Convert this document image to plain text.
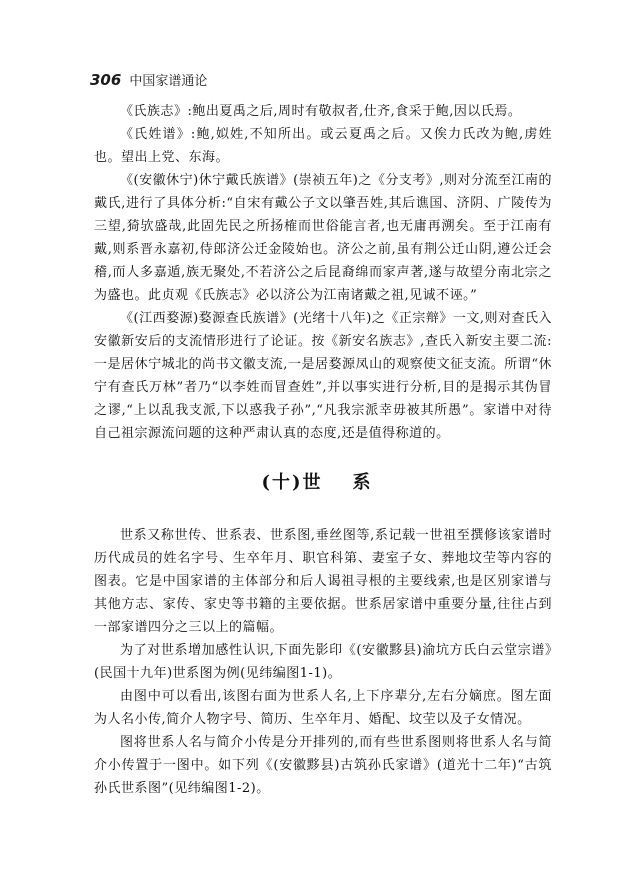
306 中国家谱通论

《氏族志》:鲍出夏禹之后,周时有敬叔者,仕齐,食采于鲍,因以氏焉。

《氏姓谱》:鲍,姒姓,不知所出。或云夏禹之后。又俟力氏改为鲍,虏姓也。望出上党、东海。

《(安徽休宁)休宁戴氏族谱》(崇祯五年)之《分支考》,则对分流至江南的戴氏,进行了具体分析:“自宋有戴公子文以肇吾姓,其后谯国、济阴、广陵传为三望,猗欤盛哉,此固先民之所扬榷而世俗能言者,也无庸再溯矣。至于江南有戴,则系晋永嘉初,侍郎济公迁金陵始也。济公之前,虽有荆公迁山阴,遵公迁会稽,而人多嘉遁,族无聚处,不若济公之后昆裔绵而家声著,遂与故望分南北宗之为盛也。此贞观《氏族志》必以济公为江南诸戴之祖,见诚不诬。”

《(江西婺源)婺源查氏族谱》(光绪十八年)之《正宗辩》一文,则对查氏入安徽新安后的支流情形进行了论证。按《新安名族志》,查氏入新安主要二流:一是居休宁城北的尚书文徽支流,一是居婺源凤山的观察使文征支流。所谓“休宁有查氏万林”者乃“以李姓而冒查姓”,并以事实进行分析,目的是揭示其伪冒之谬,“上以乱我支派,下以惑我子孙”,“凡我宗派幸毋被其所愚”。家谱中对待自己祖宗源流问题的这种严肃认真的态度,还是值得称道的。

(十)世 系

世系又称世传、世系表、世系图,垂丝图等,系记载一世祖至撰修该家谱时历代成员的姓名字号、生卒年月、职官科第、妻室子女、葬地坟茔等内容的图表。它是中国家谱的主体部分和后人谒祖寻根的主要线索,也是区别家谱与其他方志、家传、家史等书籍的主要依据。世系居家谱中重要分量,往往占到一部家谱四分之三以上的篇幅。

为了对世系增加感性认识,下面先影印《(安徽黟县)渝坑方氏白云堂宗谱》(民国十九年)世系图为例(见纬编图1-1)。

由图中可以看出,该图右面为世系人名,上下序辈分,左右分嫡庶。图左面为人名小传,简介人物字号、简历、生卒年月、婚配、坟茔以及子女情况。

图将世系人名与简介小传是分开排列的,而有些世系图则将世系人名与简介小传置于一图中。如下列《(安徽黟县)古筑孙氏家谱》(道光十二年)“古筑孙氏世系图”(见纬编图1-2)。
